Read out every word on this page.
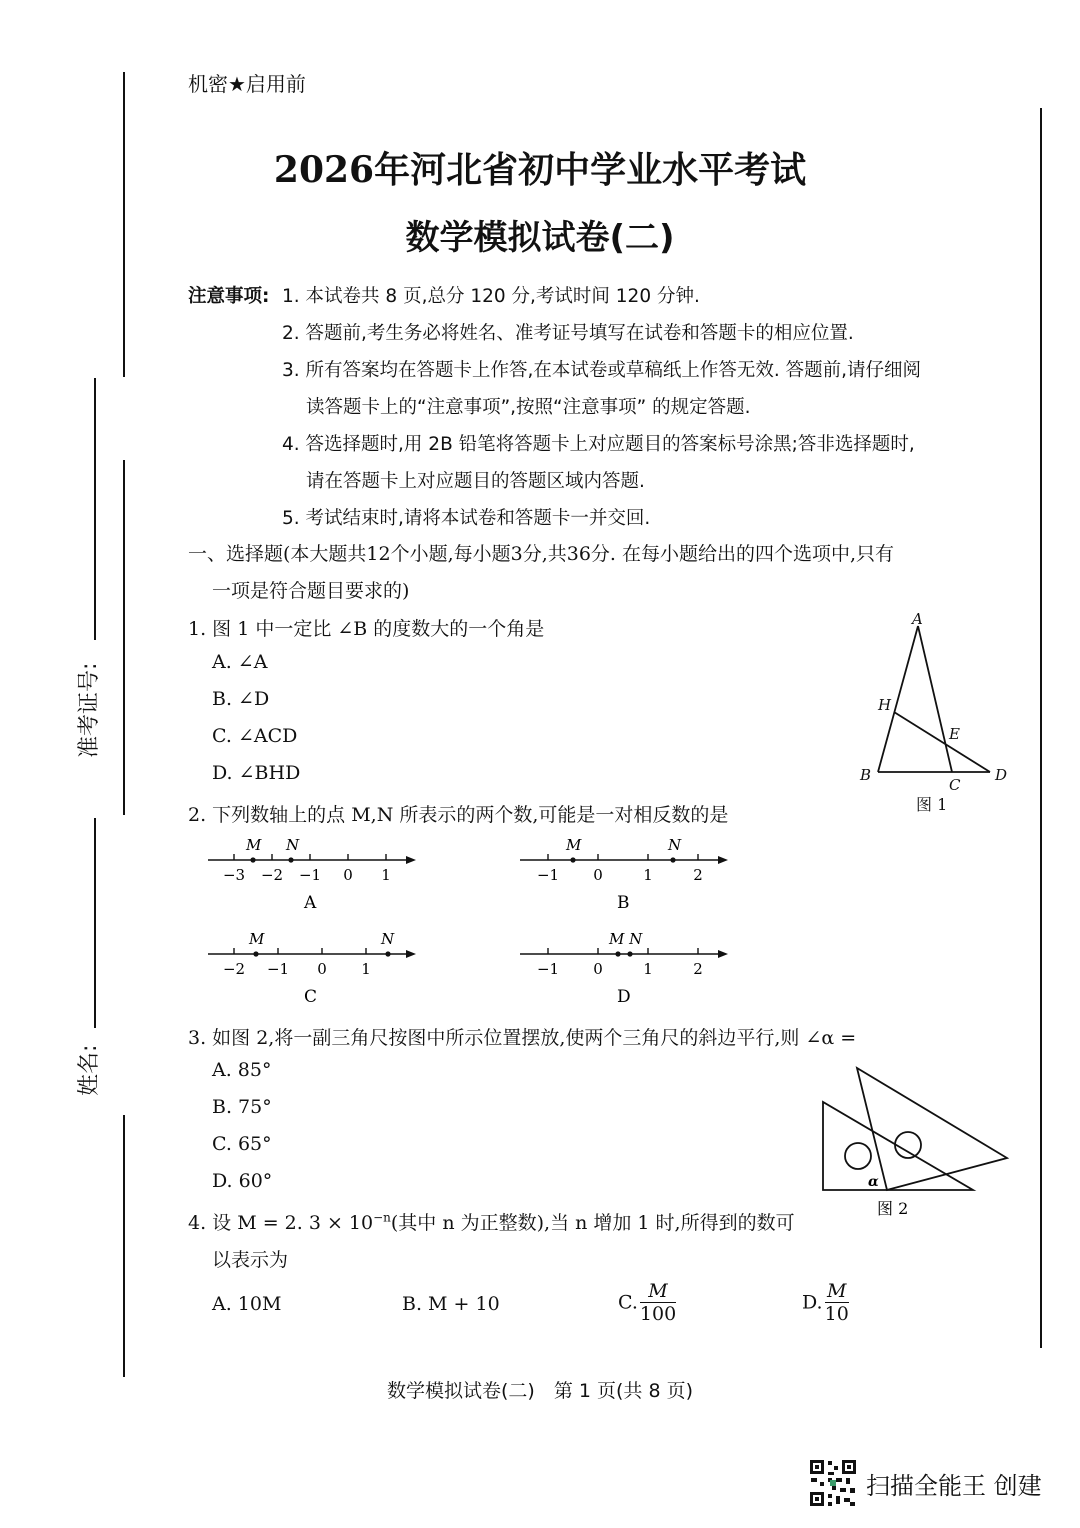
准考证号:
姓名:
机密★启用前
2026年河北省初中学业水平考试
数学模拟试卷(二)
注意事项: 1. 本试卷共 8 页,总分 120 分,考试时间 120 分钟.
2. 答题前,考生务必将姓名、准考证号填写在试卷和答题卡的相应位置.
3. 所有答案均在答题卡上作答,在本试卷或草稿纸上作答无效. 答题前,请仔细阅
读答题卡上的“注意事项”,按照“注意事项” 的规定答题.
4. 答选择题时,用 2B 铅笔将答题卡上对应题目的答案标号涂黑;答非选择题时,
请在答题卡上对应题目的答题区域内答题.
5. 考试结束时,请将本试卷和答题卡一并交回.
一、选择题(本大题共12个小题,每小题3分,共36分. 在每小题给出的四个选项中,只有
一项是符合题目要求的)
1. 图 1 中一定比 ∠B 的度数大的一个角是
A. ∠A
B. ∠D
C. ∠ACD
D. ∠BHD
A
H
E
B
C
D
图 1
2. 下列数轴上的点 M,N 所表示的两个数,可能是一对相反数的是
M N
−3 −2 −1 0 1
A
M	N
−1 0	1	2
B
M	N
−2 −1 0 1
C
M N
−1 0	1	2
D
3. 如图 2,将一副三角尺按图中所示位置摆放,使两个三角尺的斜边平行,则 ∠α =
A. 85°
B. 75°
C. 65°
D. 60°	α
图 2
4. 设 M = 2. $3 \times 10^{-n}$(其中 n 为正整数),当 n 增加 1 时,所得到的数可
以表示为
A. 10M	B. M + 10	C. $\frac{M}{100}$	D. $\frac{M}{10}$
数学模拟试卷(二)　第 1 页(共 8 页)
扫描全能王 创建
